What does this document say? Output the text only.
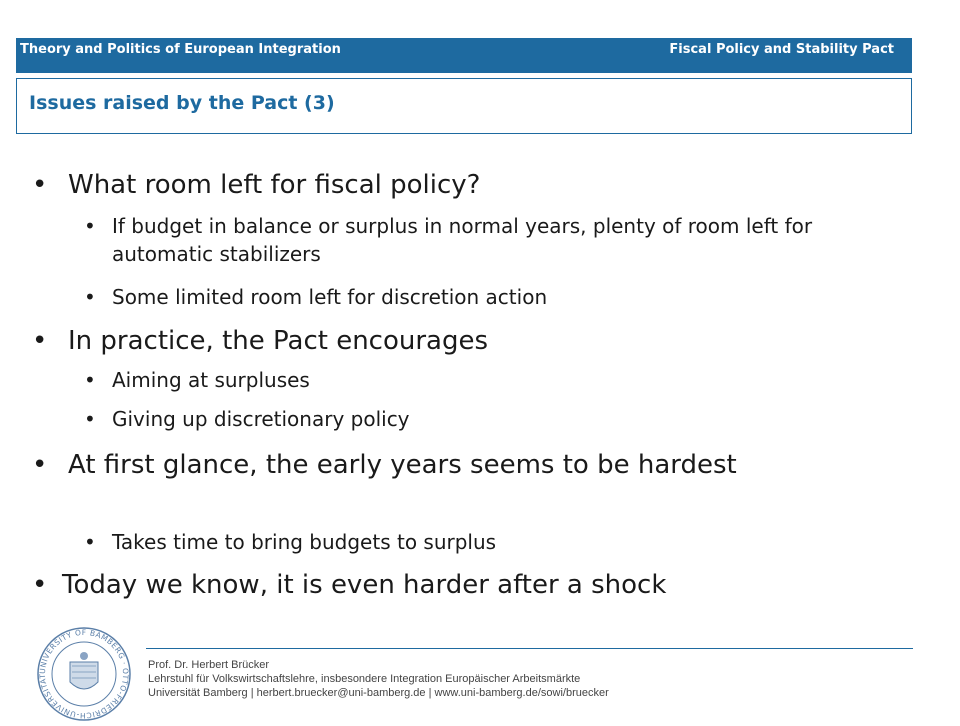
Theory and Politics of European Integration	Fiscal Policy and Stability Pact
Issues raised by the Pact (3)
• What room left for fiscal policy?
• If budget in balance or surplus in normal years, plenty of room left for automatic stabilizers
• Some limited room left for discretion action
• In practice, the Pact encourages
• Aiming at surpluses
• Giving up discretionary policy
• At first glance, the early years seems to be hardest
• Takes time to bring budgets to surplus
• Today we know, it is even harder after a shock
UNIVERSITY OF BAMBERG · OTTO-FRIEDRICH-UNIVERSITÄT
Prof. Dr. Herbert Brücker
Lehrstuhl für Volkswirtschaftslehre, insbesondere Integration Europäischer Arbeitsmärkte
Universität Bamberg | herbert.bruecker@uni-bamberg.de | www.uni-bamberg.de/sowi/bruecker
